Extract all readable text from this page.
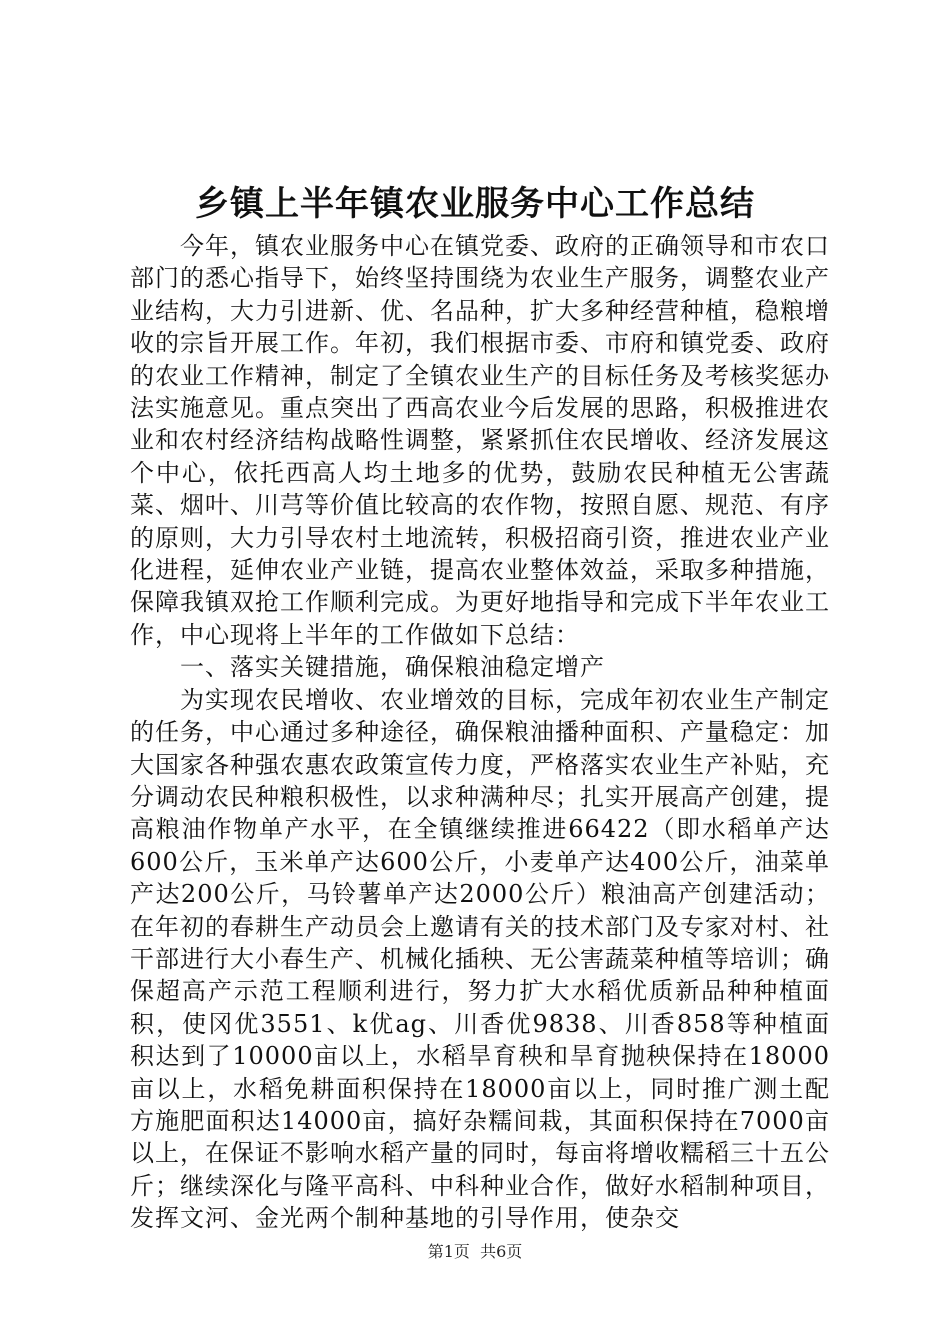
乡镇上半年镇农业服务中心工作总结

今年，镇农业服务中心在镇党委、政府的正确领导和市农口部门的悉心指导下，始终坚持围绕为农业生产服务，调整农业产业结构，大力引进新、优、名品种，扩大多种经营种植，稳粮增收的宗旨开展工作。年初，我们根据市委、市府和镇党委、政府的农业工作精神，制定了全镇农业生产的目标任务及考核奖惩办法实施意见。重点突出了西高农业今后发展的思路，积极推进农业和农村经济结构战略性调整，紧紧抓住农民增收、经济发展这个中心，依托西高人均土地多的优势，鼓励农民种植无公害蔬菜、烟叶、川芎等价值比较高的农作物，按照自愿、规范、有序的原则，大力引导农村土地流转，积极招商引资，推进农业产业化进程，延伸农业产业链，提高农业整体效益，采取多种措施，保障我镇双抢工作顺利完成。为更好地指导和完成下半年农业工作，中心现将上半年的工作做如下总结：

一、落实关键措施，确保粮油稳定增产

为实现农民增收、农业增效的目标，完成年初农业生产制定的任务，中心通过多种途径，确保粮油播种面积、产量稳定：加大国家各种强农惠农政策宣传力度，严格落实农业生产补贴，充分调动农民种粮积极性，以求种满种尽；扎实开展高产创建，提高粮油作物单产水平，在全镇继续推进66422（即水稻单产达600公斤，玉米单产达600公斤，小麦单产达400公斤，油菜单产达200公斤，马铃薯单产达2000公斤）粮油高产创建活动；在年初的春耕生产动员会上邀请有关的技术部门及专家对村、社干部进行大小春生产、机械化插秧、无公害蔬菜种植等培训；确保超高产示范工程顺利进行，努力扩大水稻优质新品种种植面积，使冈优3551、k优ag、川香优9838、川香858等种植面积达到了10000亩以上，水稻旱育秧和旱育抛秧保持在18000亩以上，水稻免耕面积保持在18000亩以上，同时推广测土配方施肥面积达14000亩，搞好杂糯间栽，其面积保持在7000亩以上，在保证不影响水稻产量的同时，每亩将增收糯稻三十五公斤；继续深化与隆平高科、中科种业合作，做好水稻制种项目，发挥文河、金光两个制种基地的引导作用，使杂交

第1页  共6页
